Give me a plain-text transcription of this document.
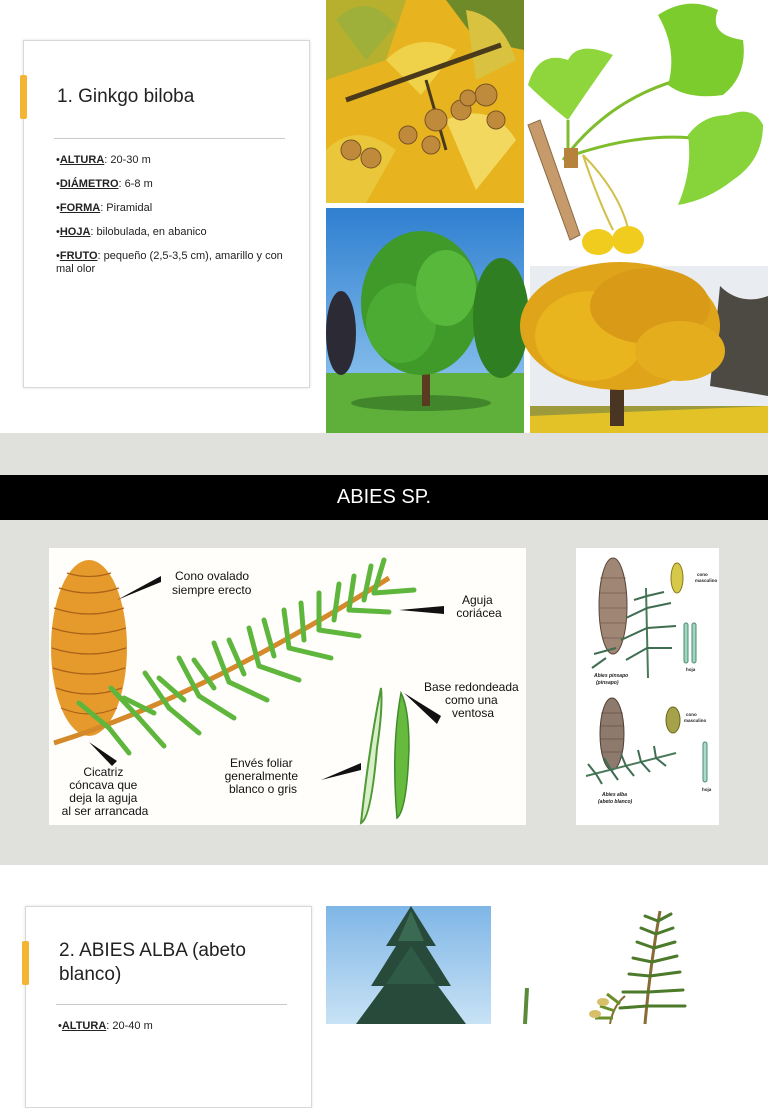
1. Ginkgo biloba
•ALTURA: 20-30 m
•DIÁMETRO: 6-8 m
•FORMA: Piramidal
•HOJA: bilobulada, en abanico
•FRUTO: pequeño (2,5-3,5 cm), amarillo y con mal olor
ABIES SP.
Cono ovalado siempre erecto
Aguja coriácea
Base redondeada como una ventosa
Envés foliar generalmente blanco o gris
Cicatriz cóncava que deja la aguja al ser arrancada
cono masculino
hoja
Abies pinsapo (pinsapo)
cono masculino
Abies alba (abeto blanco)
hoja
2. ABIES ALBA (abeto blanco)
•ALTURA: 20-40 m
